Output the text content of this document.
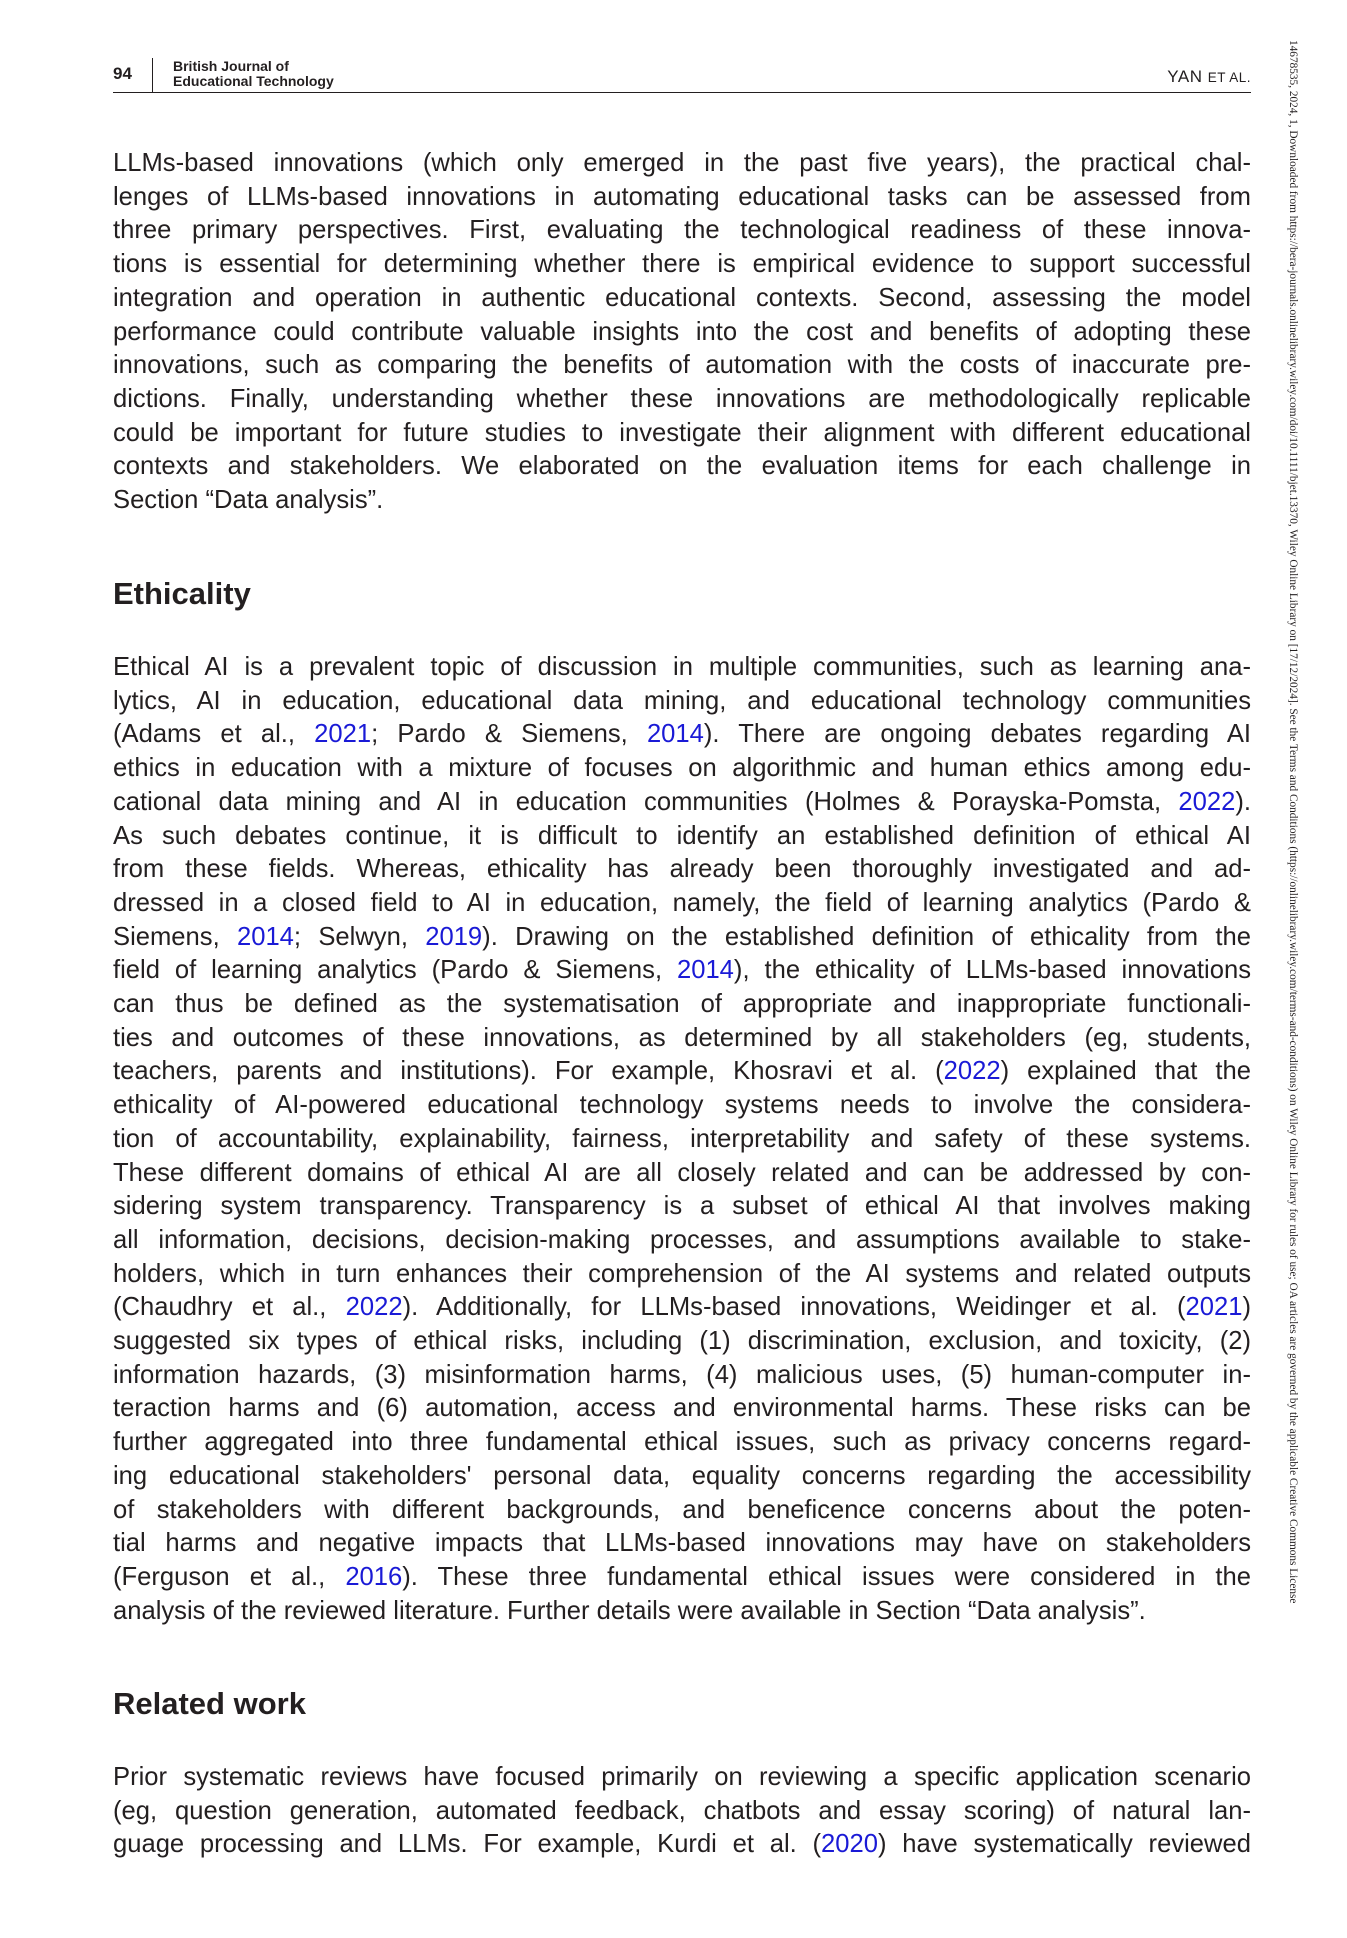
94	British Journal of
Educational Technology	YAN ET AL.	14678535, 2024, 1, Downloaded from https://bera-journals.onlinelibrary.wiley.com/doi/10.1111/bjet.13370, Wiley Online Library on [17/12/2024]. See the Terms and Conditions (https://onlinelibrary.wiley.com/terms-and-conditions) on Wiley Online Library for rules of use; OA articles are governed by the applicable Creative Commons License
LLMs-based innovations (which only emerged in the past five years), the practical chal-
lenges of LLMs-based innovations in automating educational tasks can be assessed from
three primary perspectives. First, evaluating the technological readiness of these innova-
tions is essential for determining whether there is empirical evidence to support successful
integration and operation in authentic educational contexts. Second, assessing the model
performance could contribute valuable insights into the cost and benefits of adopting these
innovations, such as comparing the benefits of automation with the costs of inaccurate pre-
dictions. Finally, understanding whether these innovations are methodologically replicable
could be important for future studies to investigate their alignment with different educational
contexts and stakeholders. We elaborated on the evaluation items for each challenge in
Section “Data analysis”.
Ethicality
Ethical AI is a prevalent topic of discussion in multiple communities, such as learning ana-
lytics, AI in education, educational data mining, and educational technology communities
(Adams et al., 2021; Pardo & Siemens, 2014). There are ongoing debates regarding AI
ethics in education with a mixture of focuses on algorithmic and human ethics among edu-
cational data mining and AI in education communities (Holmes & Porayska-Pomsta, 2022).
As such debates continue, it is difficult to identify an established definition of ethical AI
from these fields. Whereas, ethicality has already been thoroughly investigated and ad-
dressed in a closed field to AI in education, namely, the field of learning analytics (Pardo &
Siemens, 2014; Selwyn, 2019). Drawing on the established definition of ethicality from the
field of learning analytics (Pardo & Siemens, 2014), the ethicality of LLMs-based innovations
can thus be defined as the systematisation of appropriate and inappropriate functionali-
ties and outcomes of these innovations, as determined by all stakeholders (eg, students,
teachers, parents and institutions). For example, Khosravi et al. (2022) explained that the
ethicality of AI-powered educational technology systems needs to involve the considera-
tion of accountability, explainability, fairness, interpretability and safety of these systems.
These different domains of ethical AI are all closely related and can be addressed by con-
sidering system transparency. Transparency is a subset of ethical AI that involves making
all information, decisions, decision-making processes, and assumptions available to stake-
holders, which in turn enhances their comprehension of the AI systems and related outputs
(Chaudhry et al., 2022). Additionally, for LLMs-based innovations, Weidinger et al. (2021)
suggested six types of ethical risks, including (1) discrimination, exclusion, and toxicity, (2)
information hazards, (3) misinformation harms, (4) malicious uses, (5) human-computer in-
teraction harms and (6) automation, access and environmental harms. These risks can be
further aggregated into three fundamental ethical issues, such as privacy concerns regard-
ing educational stakeholders' personal data, equality concerns regarding the accessibility
of stakeholders with different backgrounds, and beneficence concerns about the poten-
tial harms and negative impacts that LLMs-based innovations may have on stakeholders
(Ferguson et al., 2016). These three fundamental ethical issues were considered in the
analysis of the reviewed literature. Further details were available in Section “Data analysis”.
Related work
Prior systematic reviews have focused primarily on reviewing a specific application scenario
(eg, question generation, automated feedback, chatbots and essay scoring) of natural lan-
guage processing and LLMs. For example, Kurdi et al. (2020) have systematically reviewed
